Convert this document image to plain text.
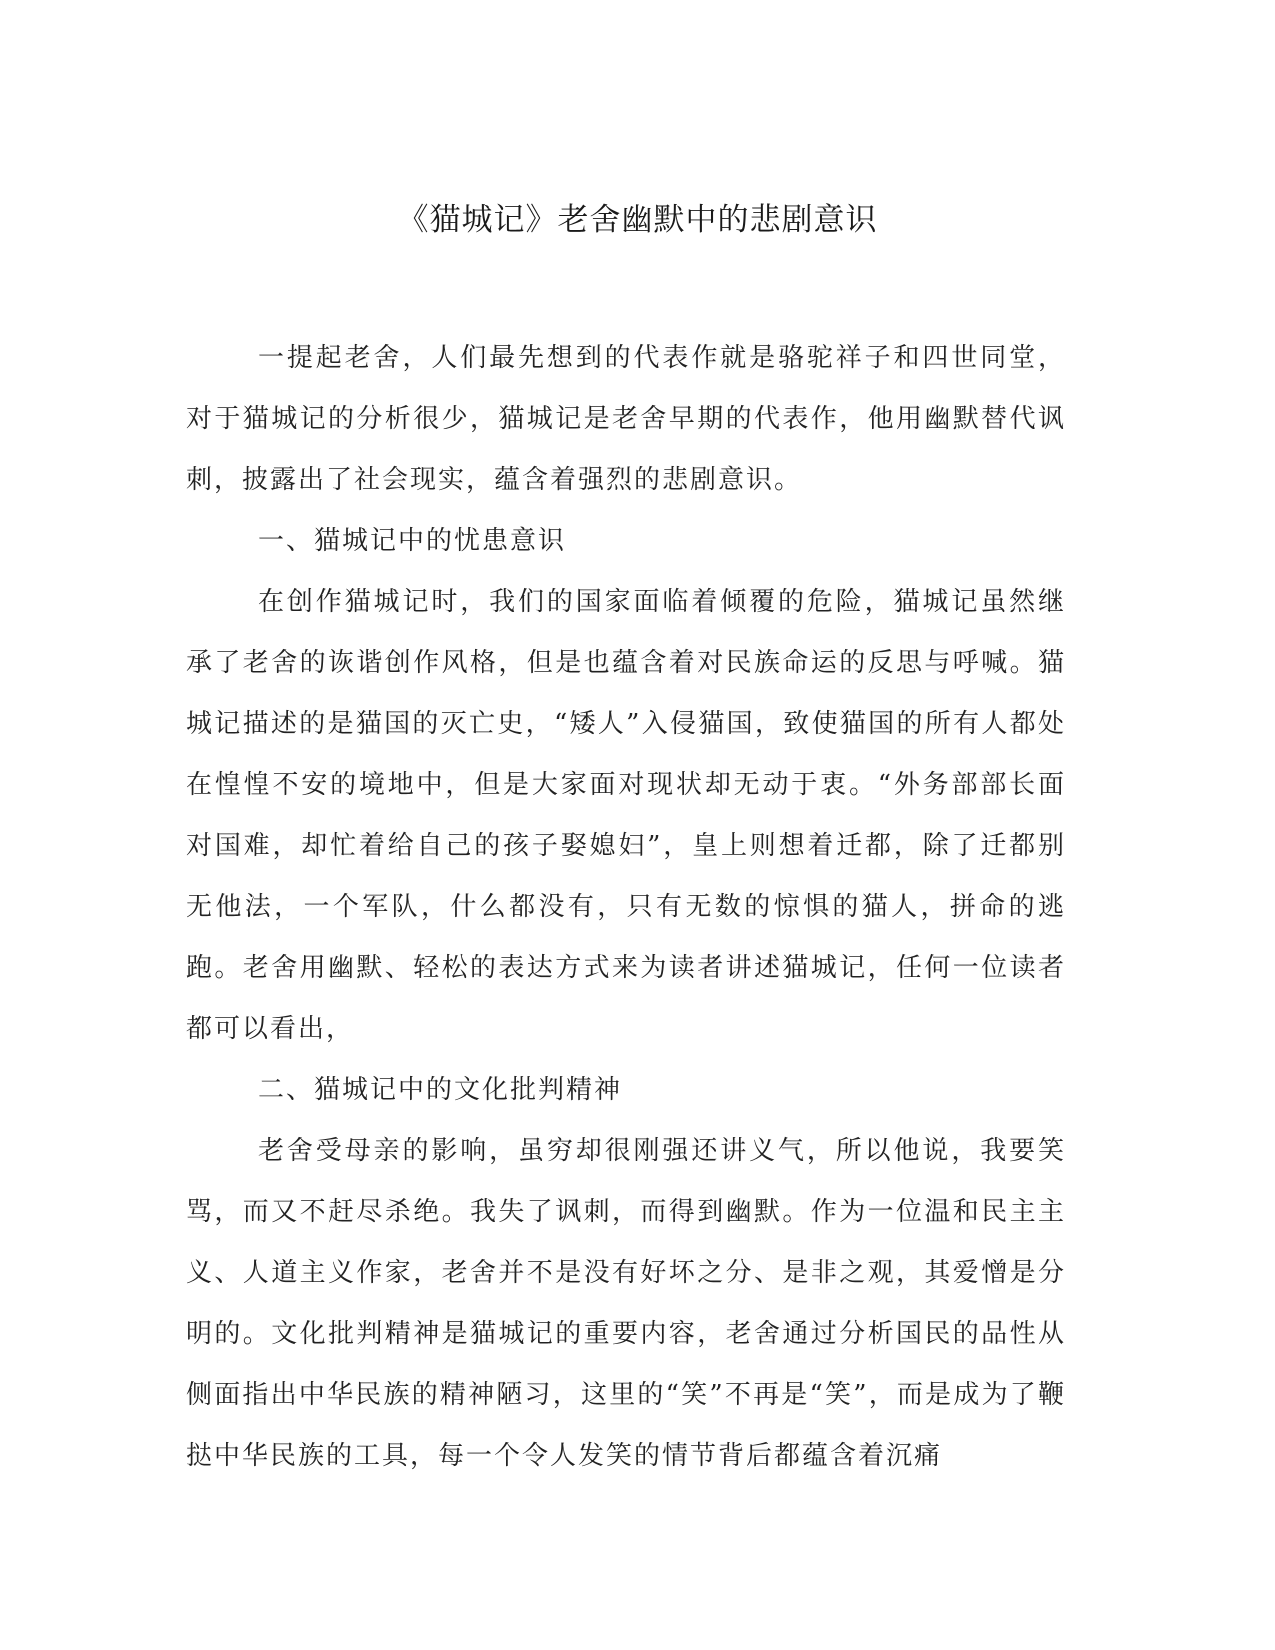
《猫城记》老舍幽默中的悲剧意识

一提起老舍，人们最先想到的代表作就是骆驼祥子和四世同堂，对于猫城记的分析很少，猫城记是老舍早期的代表作，他用幽默替代讽刺，披露出了社会现实，蕴含着强烈的悲剧意识。

一、猫城记中的忧患意识

在创作猫城记时，我们的国家面临着倾覆的危险，猫城记虽然继承了老舍的诙谐创作风格，但是也蕴含着对民族命运的反思与呼喊。猫城记描述的是猫国的灭亡史，“矮人”入侵猫国，致使猫国的所有人都处在惶惶不安的境地中，但是大家面对现状却无动于衷。“外务部部长面对国难，却忙着给自己的孩子娶媳妇”，皇上则想着迁都，除了迁都别无他法，一个军队，什么都没有，只有无数的惊惧的猫人，拼命的逃跑。老舍用幽默、轻松的表达方式来为读者讲述猫城记，任何一位读者都可以看出，

二、猫城记中的文化批判精神

老舍受母亲的影响，虽穷却很刚强还讲义气，所以他说，我要笑骂，而又不赶尽杀绝。我失了讽刺，而得到幽默。作为一位温和民主主义、人道主义作家，老舍并不是没有好坏之分、是非之观，其爱憎是分明的。文化批判精神是猫城记的重要内容，老舍通过分析国民的品性从侧面指出中华民族的精神陋习，这里的“笑”不再是“笑”，而是成为了鞭挞中华民族的工具，每一个令人发笑的情节背后都蕴含着沉痛
